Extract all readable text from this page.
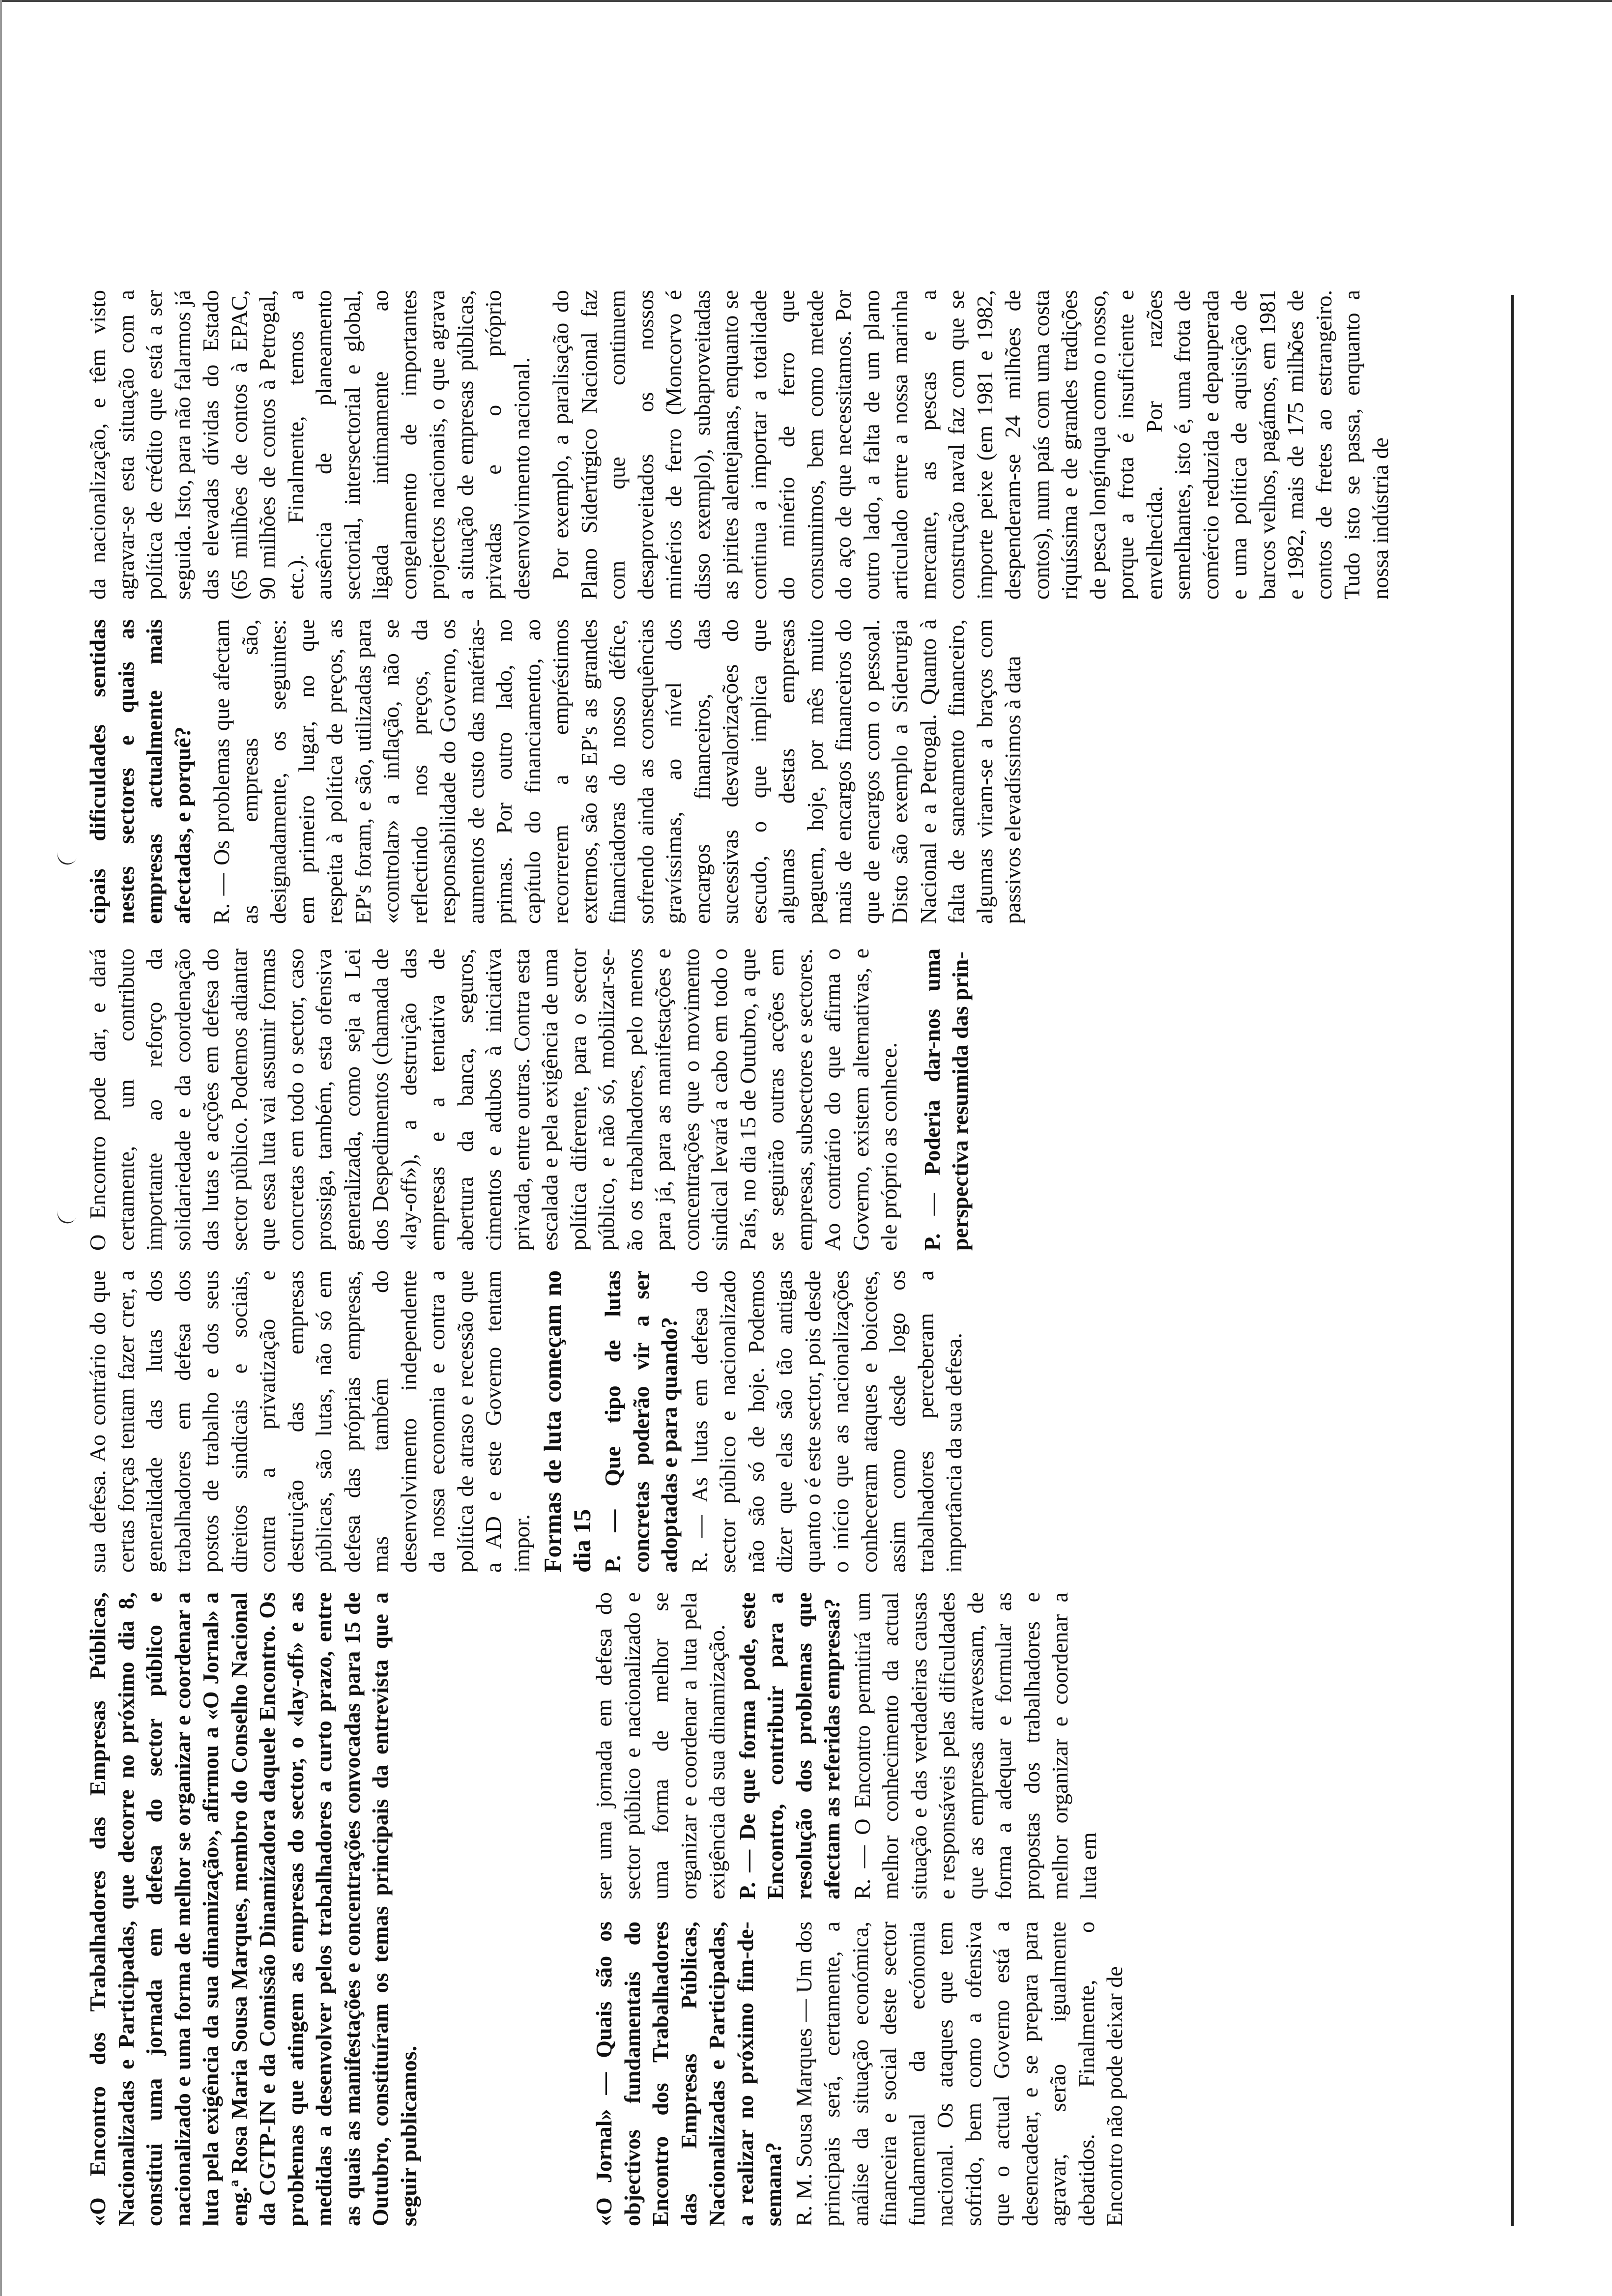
«O Encontro dos Trabalhadores das Empresas Públicas, Nacionalizadas e Participadas, que decorre no próximo dia 8, constitui uma jornada em defesa do sector público e nacionalizado e uma forma de melhor se organizar e coordenar a luta pela exigência da sua dinamização», afirmou a «O Jornal» a eng.ª Rosa Maria Sousa Marques, membro do Conselho Nacional da CGTP-IN e da Comissão Dinamizadora daquele Encontro. Os problemas que atingem as empresas do sector, o «lay-off» e as medidas a desenvolver pelos trabalhadores a curto prazo, entre as quais as manifestações e concentrações convocadas para 15 de Outubro, constituíram os temas principais da entrevista que a seguir publicamos.	«O Jornal» — Quais são os objectivos fundamentais do Encontro dos Trabalhadores das Empresas Públicas, Nacionalizadas e Participadas, a realizar no próximo fim-de-semana? R. M. Sousa Marques — Um dos principais será, certamente, a análise da situação económica, financeira e social deste sector fundamental da ecónomia nacional. Os ataques que tem sofrido, bem como a ofensiva que o actual Governo está a desencadear, e se prepara para agravar, serão igualmente debatidos. Finalmente, o Encontro não pode deixar de

ser uma jornada em defesa do sector público e nacionalizado e uma forma de melhor se organizar e coordenar a luta pela exigência da sua dinamização. P. — De que forma pode, este Encontro, contribuir para a resolução dos problemas que afectam as referidas empresas? R. — O Encontro permitirá um melhor conhecimento da actual situação e das verdadeiras causas e responsáveis pelas dificuldades que as empresas atravessam, de forma a adequar e formular as propostas dos trabalhadores e melhor organizar e coordenar a luta em

sua defesa. Ao contrário do que certas forças tentam fazer crer, a generalidade das lutas dos trabalhadores em defesa dos postos de trabalho e dos seus direitos sindicais e sociais, contra a privatização e destruição das empresas públicas, são lutas, não só em defesa das próprias empresas, mas também do desenvolvimento independente da nossa economia e contra a política de atraso e recessão que a AD e este Governo tentam impor. Formas de luta começam no dia 15 P. — Que tipo de lutas concretas poderão vir a ser adoptadas e para quando? R. — As lutas em defesa do sector público e nacionalizado não são só de hoje. Podemos dizer que elas são tão antigas quanto o é este sector, pois desde o início que as nacionalizações conheceram ataques e boicotes, assim como desde logo os trabalhadores perceberam a importância da sua defesa.

O Encontro pode dar, e dará certamente, um contributo importante ao reforço da solidariedade e da coordenação das lutas e acções em defesa do sector público. Podemos adiantar que essa luta vai assumir formas concretas em todo o sector, caso prossiga, também, esta ofensiva generalizada, como seja a Lei dos Despedimentos (chamada de «lay-off»), a destruição das empresas e a tentativa de abertura da banca, seguros, cimentos e adubos à iniciativa privada, entre outras. Contra esta escalada e pela exigência de uma política diferente, para o sector público, e não só, mobilizar-se-ão os trabalhadores, pelo menos para já, para as manifestações e concentrações que o movimento sindical levará a cabo em todo o País, no dia 15 de Outubro, a que se seguirão outras acções em empresas, subsectores e sectores. Ao contrário do que afirma o Governo, existem alternativas, e ele próprio as conhece. P. — Poderia dar-nos uma perspectiva resumida das prin-

cipais dificuldades sentidas nestes sectores e quais as empresas actualmente mais afectadas, e porquê? R. — Os problemas que afectam as empresas são, designadamente, os seguintes: em primeiro lugar, no que respeita à política de preços, as EP's foram, e são, utilizadas para «controlar» a inflação, não se reflectindo nos preços, da responsabilidade do Governo, os aumentos de custo das matérias-primas. Por outro lado, no capítulo do financiamento, ao recorrerem a empréstimos externos, são as EP's as grandes financiadoras do nosso défice, sofrendo ainda as consequências gravíssimas, ao nível dos encargos financeiros, das sucessivas desvalorizações do escudo, o que implica que algumas destas empresas paguem, hoje, por mês muito mais de encargos financeiros do que de encargos com o pessoal. Disto são exemplo a Siderurgia Nacional e a Petrogal. Quanto à falta de saneamento financeiro, algumas viram-se a braços com passivos elevadíssimos à data

da nacionalização, e têm visto agravar-se esta situação com a política de crédito que está a ser seguida. Isto, para não falarmos já das elevadas dívidas do Estado (65 milhões de contos à EPAC, 90 milhões de contos à Petrogal, etc.). Finalmente, temos a ausência de planeamento sectorial, intersectorial e global, ligada intimamente ao congelamento de importantes projectos nacionais, o que agrava a situação de empresas públicas, privadas e o próprio desenvolvimento nacional. Por exemplo, a paralisação do Plano Siderúrgico Nacional faz com que continuem desaproveitados os nossos minérios de ferro (Moncorvo é disso exemplo), subaproveitadas as pirites alentejanas, enquanto se continua a importar a totalidade do minério de ferro que consumimos, bem como metade do aço de que necessitamos. Por outro lado, a falta de um plano articulado entre a nossa marinha mercante, as pescas e a construção naval faz com que se importe peixe (em 1981 e 1982, despenderam-se 24 milhões de contos), num país com uma costa riquíssima e de grandes tradições de pesca longínqua como o nosso, porque a frota é insuficiente e envelhecida. Por razões semelhantes, isto é, uma frota de comércio reduzida e depauperada e uma política de aquisição de barcos velhos, pagámos, em 1981 e 1982, mais de 175 milhões de contos de fretes ao estrangeiro. Tudo isto se passa, enquanto a nossa indústria de
